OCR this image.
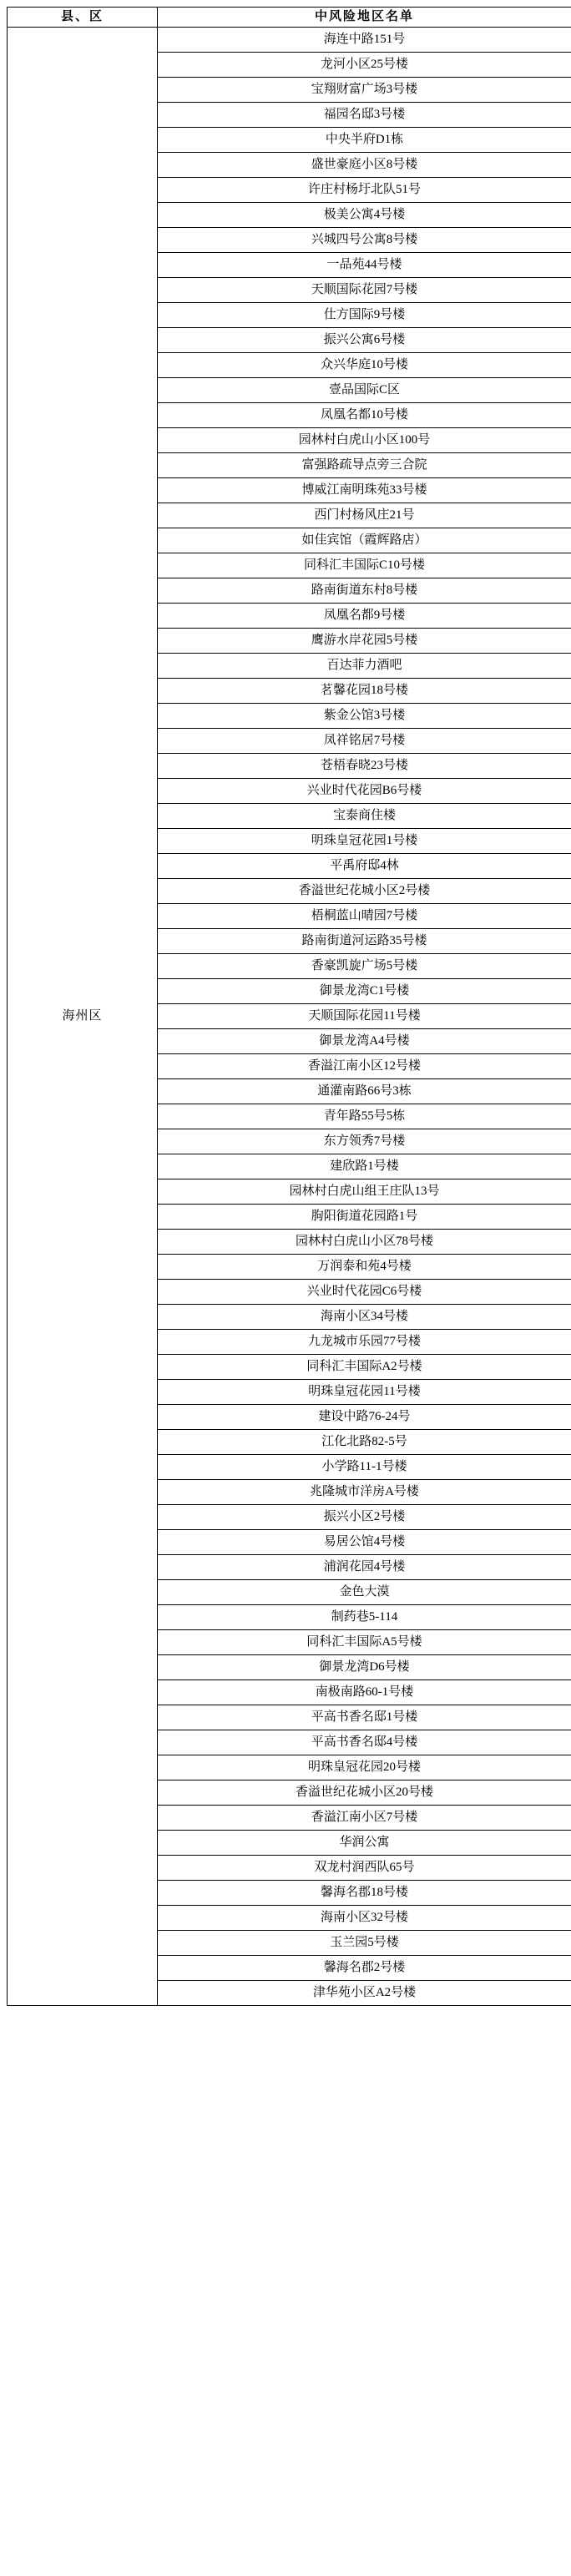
县、区	中风险地区名单
海州区	海连中路151号
	龙河小区25号楼
	宝翔财富广场3号楼
	福园名邸3号楼
	中央半府D1栋
	盛世豪庭小区8号楼
	许庄村杨圩北队51号
	极美公寓4号楼
	兴城四号公寓8号楼
	一品苑44号楼
	天顺国际花园7号楼
	仕方国际9号楼
	振兴公寓6号楼
	众兴华庭10号楼
	壹品国际C区
	凤凰名都10号楼
	园林村白虎山小区100号
	富强路疏导点旁三合院
	博威江南明珠苑33号楼
	西门村杨风庄21号
	如佳宾馆（霞辉路店）
	同科汇丰国际C10号楼
	路南街道东村8号楼
	凤凰名都9号楼
	鹰游水岸花园5号楼
	百达菲力酒吧
	茗馨花园18号楼
	紫金公馆3号楼
	凤祥铭居7号楼
	苍梧春晓23号楼
	兴业时代花园B6号楼
	宝泰商住楼
	明珠皇冠花园1号楼
	平禹府邸4林
	香溢世纪花城小区2号楼
	梧桐蓝山晴园7号楼
	路南街道河运路35号楼
	香豪凯旋广场5号楼
	御景龙湾C1号楼
	天顺国际花园11号楼
	御景龙湾A4号楼
	香溢江南小区12号楼
	通灌南路66号3栋
	青年路55号5栋
	东方领秀7号楼
	建欣路1号楼
	园林村白虎山组王庄队13号
	朐阳街道花园路1号
	园林村白虎山小区78号楼
	万润泰和苑4号楼
	兴业时代花园C6号楼
	海南小区34号楼
	九龙城市乐园77号楼
	同科汇丰国际A2号楼
	明珠皇冠花园11号楼
	建设中路76-24号
	江化北路82-5号
	小学路11-1号楼
	兆隆城市洋房A号楼
	振兴小区2号楼
	易居公馆4号楼
	浦润花园4号楼
	金色大漠
	制药巷5-114
	同科汇丰国际A5号楼
	御景龙湾D6号楼
	南极南路60-1号楼
	平高书香名邸1号楼
	平高书香名邸4号楼
	明珠皇冠花园20号楼
	香溢世纪花城小区20号楼
	香溢江南小区7号楼
	华润公寓
	双龙村润西队65号
	馨海名郡18号楼
	海南小区32号楼
	玉兰园5号楼
	馨海名郡2号楼
	津华苑小区A2号楼
